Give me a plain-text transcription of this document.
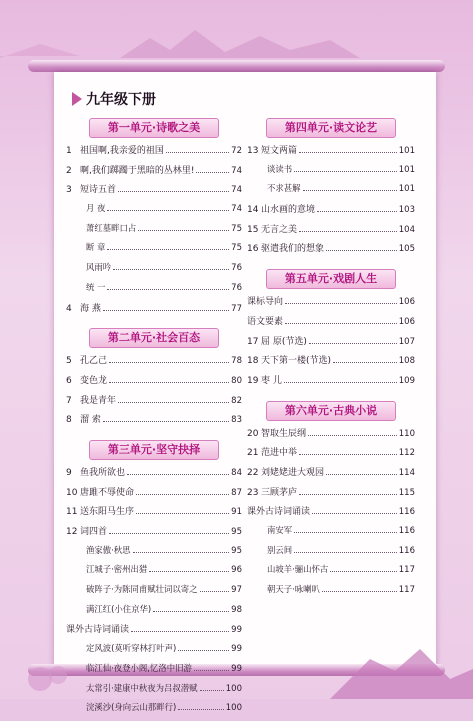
九年级下册
第一单元·诗歌之美
1 祖国啊,我亲爱的祖国	72
2 啊,我们踯躅于黑暗的丛林里!	74
3 短诗五首	74
月 夜	74
萧红墓畔口占	75
断 章	75
风雨吟	76
统 一	76
4 海 燕	77
第二单元·社会百态
5 孔乙己	78
6 变色龙	80
7 我是青年	82
8 溜 索	83
第三单元·坚守抉择
9 鱼我所欲也	84
10 唐雎不辱使命	87
11 送东阳马生序	91
12 词四首	95
渔家傲·秋思	95
江城子·密州出猎	96
破阵子·为陈同甫赋壮词以寄之	97
满江红(小住京华)	98
课外古诗词诵读	99
定风波(莫听穿林打叶声)	99
临江仙·夜登小阁,忆洛中旧游	99
太常引·建康中秋夜为吕叔潜赋	100
浣溪沙(身向云山那畔行)	100
第四单元·读文论艺
13 短文两篇	101
谈读书	101
不求甚解	101
14 山水画的意境	103
15 无言之美	104
16 驱遣我们的想象	105
第五单元·戏剧人生
课标导向	106
语文要素	106
17 屈 原(节选)	107
18 天下第一楼(节选)	108
19 枣 儿	109
第六单元·古典小说
20 智取生辰纲	110
21 范进中举	112
22 刘姥姥进大观园	114
23 三顾茅庐	115
课外古诗词诵读	116
南安军	116
别云间	116
山坡羊·骊山怀古	117
朝天子·咏喇叭	117
